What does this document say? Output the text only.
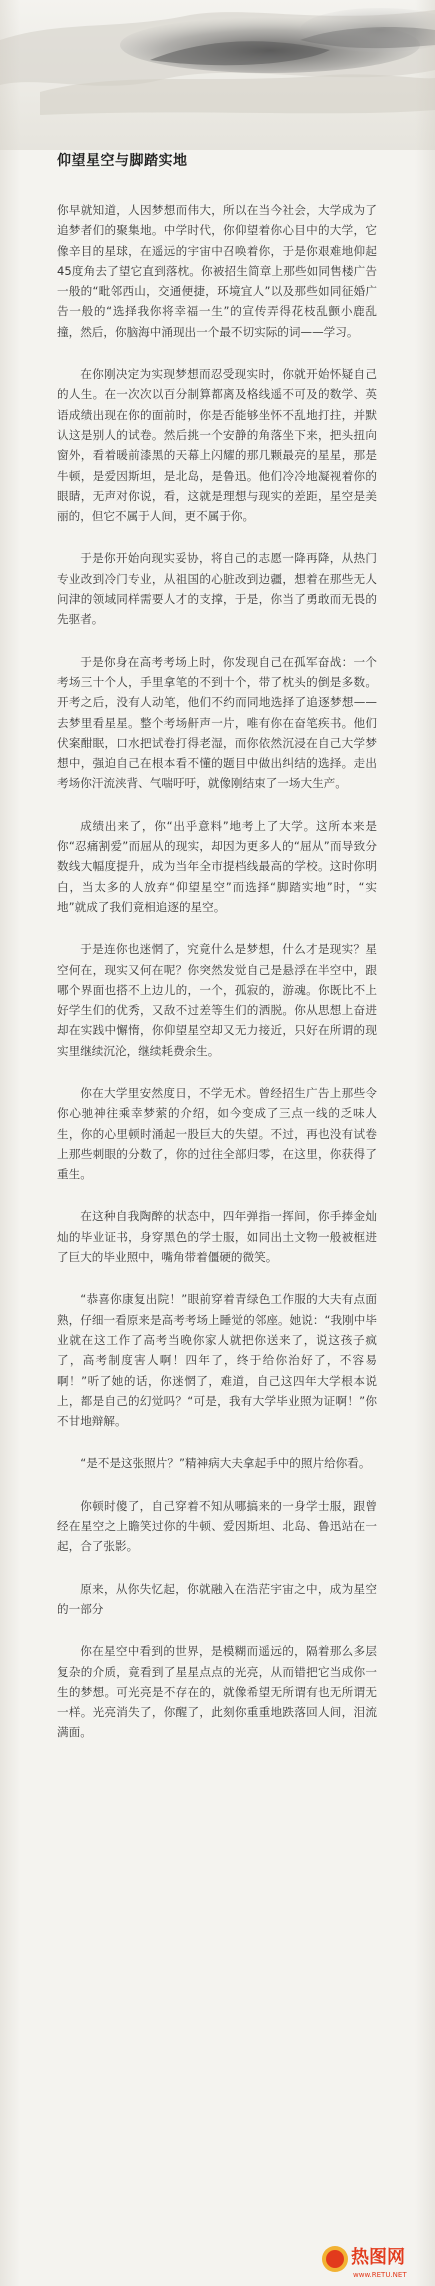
仰望星空与脚踏实地

你早就知道，人因梦想而伟大，所以在当今社会，大学成为了追梦者们的聚集地。中学时代，你仰望着你心目中的大学，它像辛目的星球，在遥远的宇宙中召唤着你，于是你艰难地仰起45度角去了望它直到落枕。你被招生简章上那些如同售楼广告一般的“毗邻西山，交通便捷，环境宜人”以及那些如同征婚广告一般的“选择我你将幸福一生”的宣传弄得花枝乱颤小鹿乱撞，然后，你脑海中涌现出一个最不切实际的词——学习。

在你刚决定为实现梦想而忍受现实时，你就开始怀疑自己的人生。在一次次以百分制算都离及格线遥不可及的数学、英语成绩出现在你的面前时，你是否能够坐怀不乱地打拄，并默认这是别人的试卷。然后挑一个安静的角落坐下来，把头扭向窗外，看着暖前漆黑的天幕上闪耀的那几颗最亮的星星，那是牛顿，是爱因斯坦，是北岛，是鲁迅。他们冷冷地凝视着你的眼睛，无声对你说，看，这就是理想与现实的差距，星空是美丽的，但它不属于人间，更不属于你。

于是你开始向现实妥协，将自己的志愿一降再降，从热门专业改到冷门专业，从祖国的心脏改到边疆，想着在那些无人问津的领域同样需要人才的支撑，于是，你当了勇敢而无畏的先驱者。

于是你身在高考考场上时，你发现自己在孤军奋战：一个考场三十个人，手里拿笔的不到十个，带了枕头的倒是多数。开考之后，没有人动笔，他们不约而同地选择了追逐梦想——去梦里看星星。整个考场鼾声一片，唯有你在奋笔疾书。他们伏案酣眠，口水把试卷打得老湿，而你依然沉浸在自己大学梦想中，强迫自己在根本看不懂的题目中做出纠结的选择。走出考场你汗流浃背、气喘吁吁，就像刚结束了一场大生产。

成绩出来了，你“出乎意料”地考上了大学。这所本来是你“忍痛割爱”而屈从的现实，却因为更多人的“屈从”而导致分数线大幅度提升，成为当年全市提档线最高的学校。这时你明白，当太多的人放弃“仰望星空”而选择“脚踏实地”时，“实地”就成了我们竟相追逐的星空。

于是连你也迷惘了，究竟什么是梦想，什么才是现实？星空何在，现实又何在呢？你突然发觉自己是悬浮在半空中，跟哪个界面也搭不上边儿的，一个，孤寂的，游魂。你既比不上好学生们的优秀，又敌不过差等生们的洒脱。你从思想上奋进却在实践中懈惰，你仰望星空却又无力接近，只好在所谓的现实里继续沉沦，继续耗费余生。

你在大学里安然度日，不学无术。曾经招生广告上那些令你心驰神往乘幸梦萦的介绍，如今变成了三点一线的乏味人生，你的心里顿时涌起一股巨大的失望。不过，再也没有试卷上那些刺眼的分数了，你的过往全部归零，在这里，你获得了重生。

在这种自我陶醉的状态中，四年弹指一挥间，你手捧金灿灿的毕业证书，身穿黑色的学士服，如同出土文物一般被框进了巨大的毕业照中，嘴角带着僵硬的微笑。

“恭喜你康复出院！”眼前穿着青绿色工作服的大夫有点面熟，仔细一看原来是高考考场上睡觉的邻座。她说：“我刚中毕业就在这工作了高考当晚你家人就把你送来了，说这孩子疯了，高考制度害人啊！四年了，终于给你治好了，不容易啊！”听了她的话，你迷惘了，难道，自己这四年大学根本说上，都是自己的幻觉吗？“可是，我有大学毕业照为证啊！”你不甘地辩解。

“是不是这张照片？”精神病大夫拿起手中的照片给你看。

你顿时傻了，自己穿着不知从哪搞来的一身学士服，跟曾经在星空之上瞻笑过你的牛顿、爱因斯坦、北岛、鲁迅站在一起，合了张影。

原来，从你失忆起，你就融入在浩茫宇宙之中，成为星空的一部分

你在星空中看到的世界，是模糊而遥远的，隔着那么多层复杂的介质，竟看到了星星点点的光亮，从而错把它当成你一生的梦想。可光亮是不存在的，就像希望无所谓有也无所谓无一样。光亮消失了，你醒了，此刻你重重地跌落回人间，泪流满面。

热图网
www.RETU.NET
